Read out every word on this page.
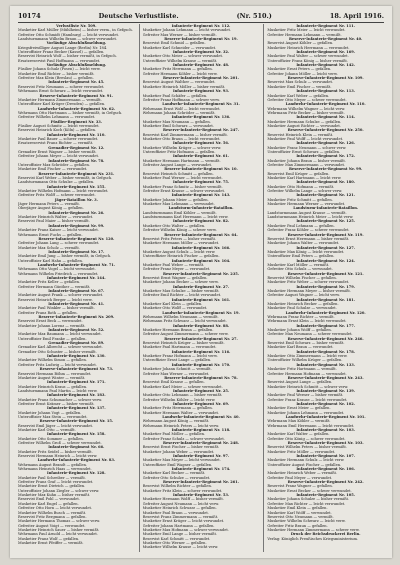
10174	Deutsche Verlustliste.	(Nr. 510.)	18. April 1916.
Verlustliste Nr. 509.
Musketier Karl Müller (Mühlheim) — bisher verm., in Gefgsch.
Gefreiter Otto Schmidt (Hamburg) — leicht verwundet.
Landsturmmann Wilhelm Braun — schwer verwundet.
Vorläufige Abschlußmeldung.
Kriegsfreiwilliger August Lange (Berlin) Nr. 184.
Unteroffizier Franz Becker (Kassel) — gefallen.
Reservist Heinrich Wolf — bisher vermißt, in Gefgsch.
Ersatzreservist Paul Hoffmann — verwundet.
Vorläufige Abschlußmeldung.
Füsilier Johann Schulz (Posen) — leicht verw.
Musketier Emil Richter — bisher vermißt.
Gefreiter Max Klein (Breslau) — gefallen.
Infanterie-Regiment Nr. 45.
Reservist Fritz Neumann — schwer verwundet.
Wehrmann Ernst Schwarz — leicht verwundet.
Reserve-Infanterie-Regiment Nr. 91.
Musketier Hermann Zimmermann — vermißt.
Unteroffizier Karl Krüger (Dresden) — gefallen.
Landwehr-Infanterie-Regiment Nr. 62.
Wehrmann Otto Hartmann — bisher vermißt, in Gefgsch.
Gefreiter Wilhelm Lehmann — verwundet.
Füsilier-Regiment Nr. 33.
Füsilier August Schmitz — leicht verwundet.
Reservist Heinrich Koch (Köln) — gefallen.
Infanterie-Regiment Nr. 110.
Musketier Paul Bauer — schwer verwundet.
Ersatzreservist Franz Richter — vermißt.
Grenadier-Regiment Nr. 12.
Grenadier Ernst Wagner — bisher vermißt.
Gefreiter Johann Meyer — leicht verwundet.
Infanterie-Regiment Nr. 78.
Unteroffizier Max Schröder — gefallen.
Musketier Emil Fischer — verwundet.
Reserve-Infanterie-Regiment Nr. 231.
Reservist Karl Weber — bisher vermißt, in Gefgsch.
Landsturmmann Otto Schulze — gefallen.
Infanterie-Regiment Nr. 155.
Musketier Wilhelm Hofmann — leicht verwundet.
Gefreiter Fritz Wolff — schwer verwundet.
Jäger-Bataillon Nr. 3.
Jäger Hermann Peters — vermißt.
Oberjäger August König — gefallen.
Infanterie-Regiment Nr. 26.
Musketier Heinrich Walter — verwundet.
Reservist Paul Maier — bisher vermißt.
Infanterie-Regiment Nr. 99.
Musketier Franz Kaiser — leicht verwundet.
Wehrmann Ernst Fuchs — gefallen.
Reserve-Infanterie-Regiment Nr. 120.
Gefreiter Johann Lang — schwer verwundet.
Musketier Max Scholz — vermißt.
Infanterie-Regiment Nr. 17.
Musketier Emil Jung — bisher vermißt, in Gefgsch.
Unteroffizier Karl Hahn — gefallen.
Landwehr-Infanterie-Regiment Nr. 71.
Wehrmann Otto Vogel — leicht verwundet.
Wehrmann Wilhelm Friedrich — verwundet.
Infanterie-Regiment Nr. 144.
Musketier Fritz Keller — gefallen.
Gefreiter Hermann Günther — vermißt.
Infanterie-Regiment Nr. 67.
Musketier August Frank — schwer verwundet.
Reservist Heinrich Berger — leicht verw.
Infanterie-Regiment Nr. 41.
Musketier Paul Winkler — bisher vermißt.
Gefreiter Franz Roth — gefallen.
Reserve-Infanterie-Regiment Nr. 209.
Reservist Ernst Beck — verwundet.
Musketier Johann Lorenz — vermißt.
Infanterie-Regiment Nr. 52.
Musketier Max Baumann — leicht verwundet.
Unteroffizier Emil Franke — gefallen.
Grenadier-Regiment Nr. 89.
Grenadier Karl Albrecht — schwer verwundet.
Grenadier Otto Schuster — bisher vermißt.
Infanterie-Regiment Nr. 130.
Musketier Wilhelm Simon — gefallen.
Gefreiter Fritz Ludwig — leicht verwundet.
Reserve-Infanterie-Regiment Nr. 73.
Reservist Hermann Böhm — verwundet.
Musketier August Winter — vermißt.
Infanterie-Regiment Nr. 171.
Musketier Heinrich Kraus — gefallen.
Landsturmmann Paul Martin — leicht verw.
Infanterie-Regiment Nr. 183.
Musketier Franz Schumacher — schwer verw.
Gefreiter Ernst Krämer — bisher vermißt.
Infanterie-Regiment Nr. 137.
Musketier Johann Vogt — gefallen.
Unteroffizier Max Stein — verwundet.
Reserve-Infanterie-Regiment Nr. 15.
Reservist Emil Jäger — leicht verwundet.
Musketier Karl Otto — vermißt.
Infanterie-Regiment Nr. 158.
Musketier Otto Sommer — gefallen.
Gefreiter Wilhelm Groß — schwer verwundet.
Infanterie-Regiment Nr. 66.
Musketier Fritz Seidel — bisher vermißt.
Reservist Hermann Heinrich — leicht verw.
Landwehr-Infanterie-Regiment Nr. 83.
Wehrmann August Brandt — gefallen.
Wehrmann Heinrich Haas — verwundet.
Infanterie-Regiment Nr. 128.
Musketier Paul Schreiber — vermißt.
Gefreiter Franz Graf — leicht verwundet.
Musketier Ernst Dietrich — gefallen.
Unteroffizier Johann Ziegler — schwer verw.
Musketier Max Kuhn — bisher vermißt.
Reservist Emil Pohl — verwundet.
Musketier Karl Engel — gefallen.
Gefreiter Otto Horn — leicht verwundet.
Musketier Wilhelm Busch — vermißt.
Reservist Fritz Bergmann — gefallen.
Musketier Hermann Thomas — schwer verw.
Gefreiter August Voigt — verwundet.
Musketier Heinrich Sauer — bisher vermißt.
Wehrmann Paul Arnold — leicht verwundet.
Musketier Franz Wolf — gefallen.
Musketier Ernst Pfeiffer — vermißt.
Infanterie-Regiment Nr. 112.
Musketier Johann Lehmann — leicht verwundet.
Gefreiter Max Werner — bisher vermißt.
Reserve-Infanterie-Regiment Nr. 19.
Reservist Emil Schmid — gefallen.
Musketier Karl Schneider — verwundet.
Infanterie-Regiment Nr. 32.
Musketier Otto Meier — schwer verwundet.
Unteroffizier Wilhelm Krause — vermißt.
Infanterie-Regiment Nr. 48.
Musketier Fritz Herrmann — gefallen.
Gefreiter Hermann Köhler — leicht verw.
Reserve-Infanterie-Regiment Nr. 201.
Reservist August Walther — verwundet.
Musketier Heinrich Möller — bisher vermißt.
Infanterie-Regiment Nr. 93.
Musketier Paul Schäfer — gefallen.
Gefreiter Franz Hoffmann — schwer verw.
Landwehr-Infanterie-Regiment Nr. 31.
Wehrmann Ernst Wolf — leicht verwundet.
Wehrmann Johann Schröder — vermißt.
Infanterie-Regiment Nr. 136.
Musketier Max Neumann — gefallen.
Musketier Emil Schwarz — verwundet.
Reserve-Infanterie-Regiment Nr. 247.
Reservist Karl Zimmermann — bisher vermißt.
Musketier Otto Braun — leicht verwundet.
Infanterie-Regiment Nr. 56.
Musketier Wilhelm Krüger — schwer verw.
Unteroffizier Fritz Hofmann — gefallen.
Infanterie-Regiment Nr. 61.
Musketier Hermann Hartmann — vermißt.
Gefreiter August Lange — verwundet.
Reserve-Infanterie-Regiment Nr. 10.
Reservist Heinrich Schmitt — gefallen.
Musketier Paul Werner — leicht verwundet.
Infanterie-Regiment Nr. 75.
Musketier Franz Schmitz — bisher vermißt.
Gefreiter Ernst Krause — schwer verwundet.
Infanterie-Regiment Nr. 143.
Musketier Johann Meier — gefallen.
Musketier Max Lehmann — verwundet.
Landsturm-Infanterie-Bataillon.
Landsturmmann Emil Köhler — vermißt.
Landsturmmann Karl Herrmann — leicht verw.
Infanterie-Regiment Nr. 82.
Musketier Otto Walter — gefallen.
Gefreiter Wilhelm König — schwer verw.
Reserve-Infanterie-Regiment Nr. 64.
Reservist Fritz Peters — bisher vermißt.
Musketier Hermann Möller — verwundet.
Infanterie-Regiment Nr. 166.
Musketier August Schulz — leicht verw.
Unteroffizier Heinrich Fischer — gefallen.
Infanterie-Regiment Nr. 104.
Musketier Paul Weber — vermißt.
Gefreiter Franz Meyer — verwundet.
Reserve-Infanterie-Regiment Nr. 235.
Reservist Ernst Wagner — gefallen.
Musketier Johann Becker — schwer verw.
Infanterie-Regiment Nr. 27.
Musketier Max Schulze — bisher vermißt.
Gefreiter Emil Richter — leicht verwundet.
Infanterie-Regiment Nr. 161.
Musketier Karl Klein — gefallen.
Musketier Otto Wolff — verwundet.
Landwehr-Infanterie-Regiment Nr. 19.
Wehrmann Wilhelm Neumann — vermißt.
Wehrmann Fritz Schwarz — leicht verwundet.
Infanterie-Regiment Nr. 88.
Musketier Hermann Braun — gefallen.
Gefreiter August Zimmermann — schwer verw.
Reserve-Infanterie-Regiment Nr. 27.
Reservist Heinrich Krüger — bisher vermißt.
Musketier Paul Hartmann — verwundet.
Infanterie-Regiment Nr. 116.
Musketier Franz Hofmann — leicht verw.
Unteroffizier Ernst Lange — gefallen.
Infanterie-Regiment Nr. 170.
Musketier Johann Schmitt — vermißt.
Gefreiter Max Werner — verwundet.
Reserve-Infanterie-Regiment Nr. 78.
Reservist Emil Krause — gefallen.
Musketier Karl Meier — schwer verwundet.
Infanterie-Regiment Nr. 25.
Musketier Otto Lehmann — bisher vermißt.
Gefreiter Wilhelm Köhler — leicht verw.
Infanterie-Regiment Nr. 69.
Musketier Fritz Herrmann — gefallen.
Musketier Hermann Walter — verwundet.
Landwehr-Infanterie-Regiment Nr. 40.
Wehrmann August König — vermißt.
Wehrmann Heinrich Peters — leicht verw.
Infanterie-Regiment Nr. 118.
Musketier Paul Möller — gefallen.
Gefreiter Franz Schulz — schwer verwundet.
Reserve-Infanterie-Regiment Nr. 248.
Reservist Ernst Fischer — bisher vermißt.
Musketier Johann Weber — verwundet.
Infanterie-Regiment Nr. 97.
Musketier Max Meyer — leicht verwundet.
Unteroffizier Emil Wagner — gefallen.
Infanterie-Regiment Nr. 174.
Musketier Karl Becker — vermißt.
Gefreiter Otto Schulze — verwundet.
Reserve-Infanterie-Regiment Nr. 261.
Reservist Wilhelm Richter — gefallen.
Musketier Fritz Klein — schwer verwundet.
Infanterie-Regiment Nr. 53.
Musketier Hermann Wolff — bisher vermißt.
Gefreiter August Neumann — leicht verw.
Musketier Heinrich Schwarz — gefallen.
Musketier Paul Braun — verwundet.
Reservist Franz Zimmermann — vermißt.
Musketier Ernst Krüger — leicht verwundet.
Gefreiter Johann Hartmann — gefallen.
Musketier Max Hofmann — schwer verwundet.
Musketier Emil Lange — bisher vermißt.
Reservist Karl Schmitt — verwundet.
Musketier Otto Werner — gefallen.
Musketier Wilhelm Krause — leicht verw.
Infanterie-Regiment Nr. 111.
Musketier Fritz Meier — leicht verwundet.
Gefreiter Hermann Lehmann — vermißt.
Reserve-Infanterie-Regiment Nr. 40.
Reservist August Köhler — gefallen.
Musketier Heinrich Herrmann — verwundet.
Infanterie-Regiment Nr. 169.
Musketier Paul Walter — schwer verwundet.
Unteroffizier Franz König — bisher vermißt.
Infanterie-Regiment Nr. 142.
Musketier Ernst Peters — gefallen.
Gefreiter Johann Möller — leicht verw.
Reserve-Infanterie-Regiment Nr. 109.
Reservist Max Schulz — verwundet.
Musketier Emil Fischer — vermißt.
Infanterie-Regiment Nr. 113.
Musketier Karl Weber — gefallen.
Gefreiter Otto Meyer — schwer verwundet.
Landwehr-Infanterie-Regiment Nr. 110.
Wehrmann Wilhelm Wagner — leicht verw.
Wehrmann Fritz Becker — bisher vermißt.
Infanterie-Regiment Nr. 114.
Musketier Hermann Schulze — gefallen.
Musketier August Richter — verwundet.
Reserve-Infanterie-Regiment Nr. 250.
Reservist Heinrich Klein — vermißt.
Musketier Paul Wolff — leicht verwundet.
Infanterie-Regiment Nr. 126.
Musketier Franz Neumann — schwer verw.
Unteroffizier Ernst Schwarz — gefallen.
Infanterie-Regiment Nr. 172.
Musketier Johann Braun — bisher vermißt.
Gefreiter Max Zimmermann — verwundet.
Reserve-Infanterie-Regiment Nr. 99.
Reservist Emil Krüger — gefallen.
Musketier Karl Hartmann — leicht verw.
Infanterie-Regiment Nr. 180.
Musketier Otto Hofmann — vermißt.
Gefreiter Wilhelm Lange — schwer verw.
Infanterie-Regiment Nr. 121.
Musketier Fritz Schmitt — gefallen.
Musketier Hermann Werner — verwundet.
Landsturm-Infanterie-Bataillon.
Landsturmmann August Krause — vermißt.
Landsturmmann Heinrich Meier — leicht verw.
Infanterie-Regiment Nr. 125.
Musketier Paul Lehmann — gefallen.
Gefreiter Franz Köhler — schwer verwundet.
Reserve-Infanterie-Regiment Nr. 119.
Reservist Ernst Herrmann — bisher vermißt.
Musketier Johann Walter — verwundet.
Infanterie-Regiment Nr. 127.
Musketier Max König — leicht verwundet.
Unteroffizier Emil Peters — gefallen.
Infanterie-Regiment Nr. 124.
Musketier Karl Möller — vermißt.
Gefreiter Otto Schulz — verwundet.
Reserve-Infanterie-Regiment Nr. 121.
Reservist Wilhelm Fischer — gefallen.
Musketier Fritz Weber — schwer verwundet.
Infanterie-Regiment Nr. 179.
Musketier Hermann Meyer — bisher vermißt.
Gefreiter August Wagner — leicht verw.
Infanterie-Regiment Nr. 181.
Musketier Heinrich Becker — gefallen.
Musketier Paul Schulze — verwundet.
Landwehr-Infanterie-Regiment Nr. 120.
Wehrmann Franz Richter — vermißt.
Wehrmann Ernst Klein — leicht verwundet.
Infanterie-Regiment Nr. 177.
Musketier Johann Wolff — gefallen.
Gefreiter Max Neumann — schwer verwundet.
Reserve-Infanterie-Regiment Nr. 246.
Reservist Emil Schwarz — bisher vermißt.
Musketier Karl Braun — verwundet.
Infanterie-Regiment Nr. 178.
Musketier Otto Zimmermann — leicht verw.
Unteroffizier Wilhelm Krüger — gefallen.
Infanterie-Regiment Nr. 133.
Musketier Fritz Hartmann — vermißt.
Gefreiter Hermann Hofmann — verwundet.
Reserve-Infanterie-Regiment Nr. 243.
Reservist August Lange — gefallen.
Musketier Heinrich Schmitt — schwer verw.
Infanterie-Regiment Nr. 139.
Musketier Paul Werner — bisher vermißt.
Gefreiter Franz Krause — leicht verwundet.
Infanterie-Regiment Nr. 102.
Musketier Ernst Meier — gefallen.
Musketier Johann Lehmann — verwundet.
Landwehr-Infanterie-Regiment Nr. 101.
Wehrmann Max Köhler — vermißt.
Wehrmann Emil Herrmann — leicht verwundet.
Infanterie-Regiment Nr. 103.
Musketier Karl Walter — gefallen.
Gefreiter Otto König — schwer verwundet.
Reserve-Infanterie-Regiment Nr. 103.
Reservist Wilhelm Peters — bisher vermißt.
Musketier Fritz Möller — verwundet.
Infanterie-Regiment Nr. 107.
Musketier Hermann Schulz — leicht verw.
Unteroffizier August Fischer — gefallen.
Infanterie-Regiment Nr. 106.
Musketier Heinrich Weber — vermißt.
Gefreiter Paul Meyer — verwundet.
Reserve-Infanterie-Regiment Nr. 242.
Reservist Franz Wagner — gefallen.
Musketier Ernst Becker — schwer verwundet.
Infanterie-Regiment Nr. 105.
Musketier Johann Schulze — bisher vermißt.
Gefreiter Max Richter — leicht verwundet.
Musketier Emil Klein — gefallen.
Musketier Karl Wolff — verwundet.
Reservist Otto Neumann — vermißt.
Musketier Wilhelm Schwarz — leicht verw.
Gefreiter Fritz Braun — gefallen.
Musketier Hermann Zimmermann — schwer verw.
Druck der Reichsdruckerei Berlin.
Verlag: Königlich Preußisches Kriegsministerium.
